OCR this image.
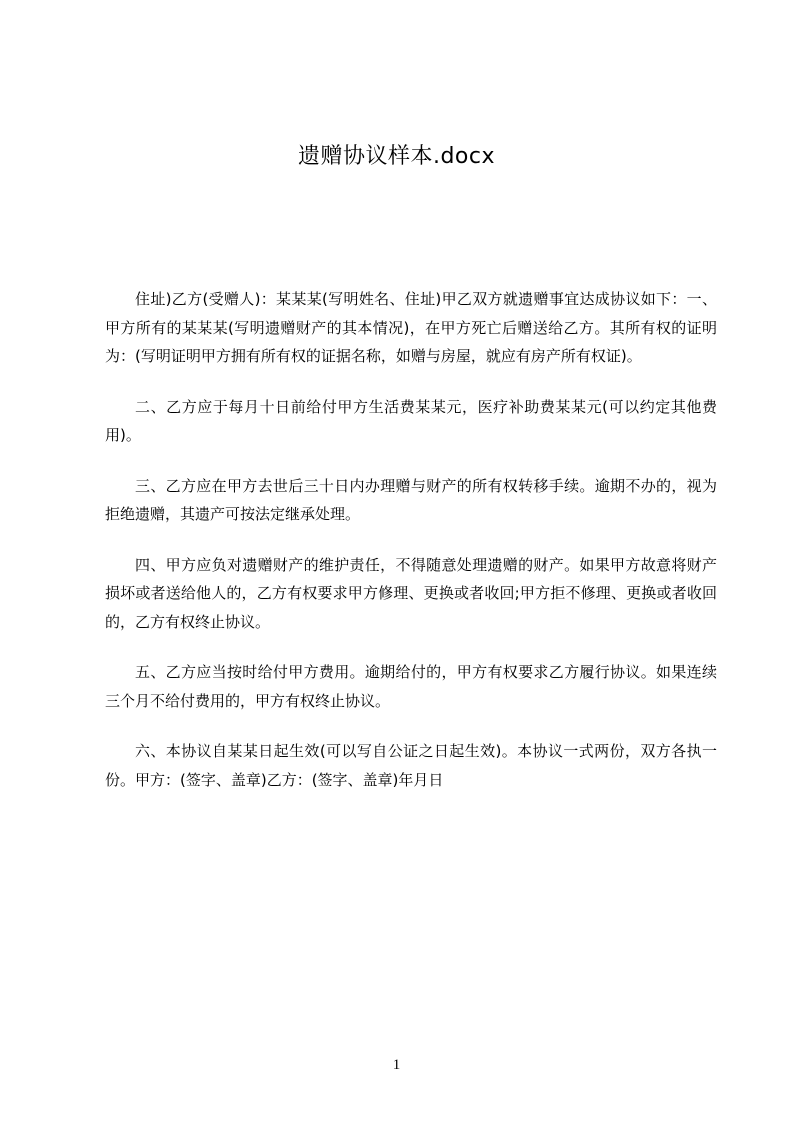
遗赠协议样本.docx

住址)乙方(受赠人)：某某某(写明姓名、住址)甲乙双方就遗赠事宜达成协议如下：一、甲方所有的某某某(写明遗赠财产的其本情况)，在甲方死亡后赠送给乙方。其所有权的证明为：(写明证明甲方拥有所有权的证据名称，如赠与房屋，就应有房产所有权证)。

二、乙方应于每月十日前给付甲方生活费某某元，医疗补助费某某元(可以约定其他费用)。

三、乙方应在甲方去世后三十日内办理赠与财产的所有权转移手续。逾期不办的，视为拒绝遗赠，其遗产可按法定继承处理。

四、甲方应负对遗赠财产的维护责任，不得随意处理遗赠的财产。如果甲方故意将财产损坏或者送给他人的，乙方有权要求甲方修理、更换或者收回;甲方拒不修理、更换或者收回的，乙方有权终止协议。

五、乙方应当按时给付甲方费用。逾期给付的，甲方有权要求乙方履行协议。如果连续三个月不给付费用的，甲方有权终止协议。

六、本协议自某某日起生效(可以写自公证之日起生效)。本协议一式两份，双方各执一份。甲方：(签字、盖章)乙方：(签字、盖章)年月日

1
